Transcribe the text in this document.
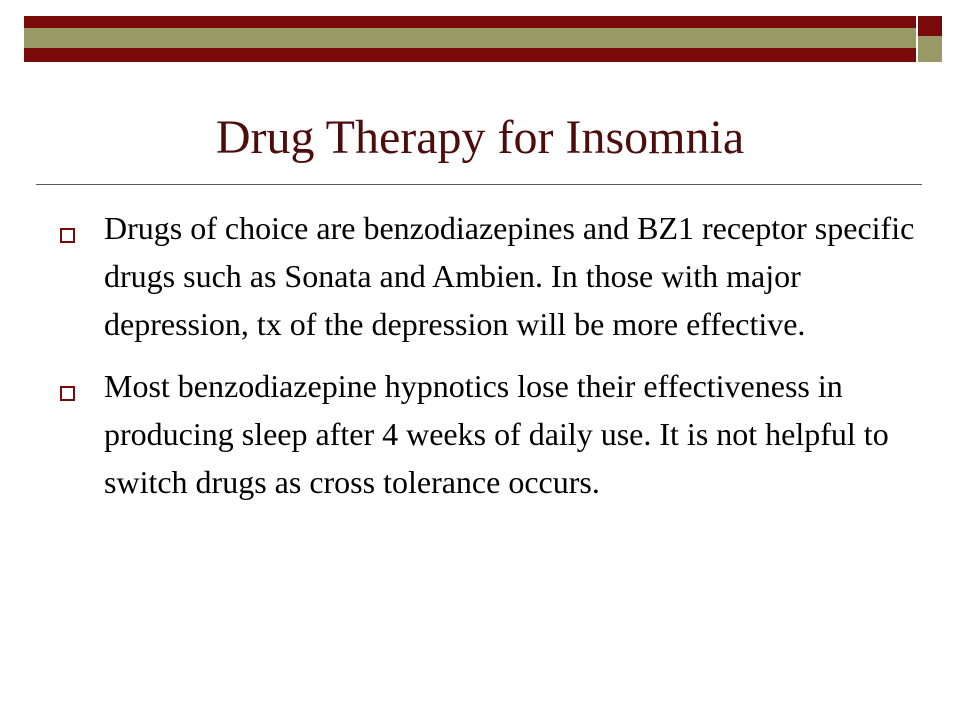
Drug Therapy for Insomnia
Drugs of choice are benzodiazepines and BZ1 receptor specific drugs such as Sonata and Ambien. In those with major depression, tx of the depression will be more effective.
Most benzodiazepine hypnotics lose their effectiveness in producing sleep after 4 weeks of daily use. It is not helpful to switch drugs as cross tolerance occurs.
